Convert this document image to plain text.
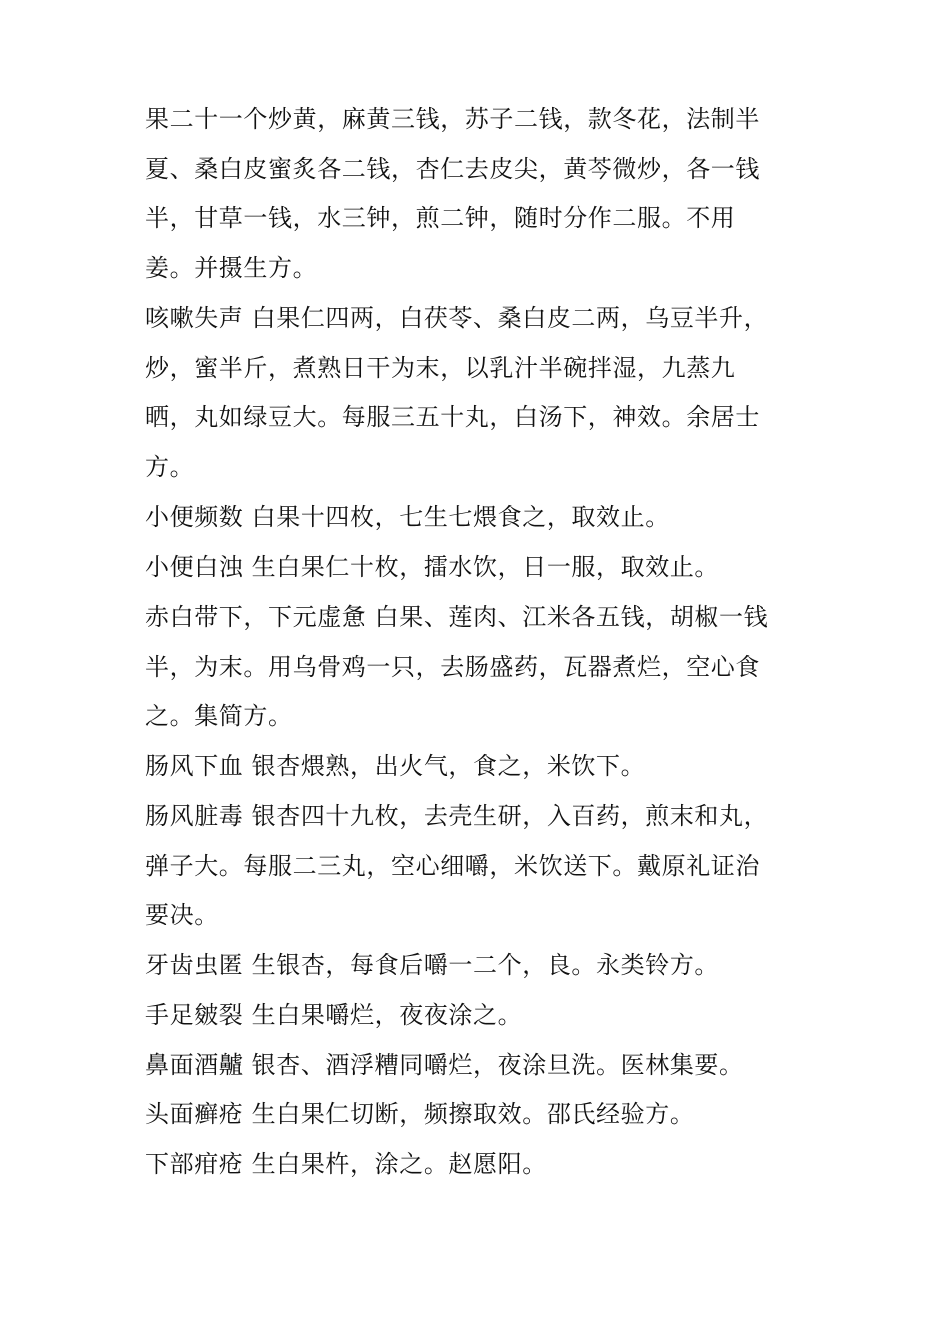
果二十一个炒黄，麻黄三钱，苏子二钱，款冬花，法制半
夏、桑白皮蜜炙各二钱，杏仁去皮尖，黄芩微炒，各一钱
半，甘草一钱，水三钟，煎二钟，随时分作二服。不用
姜。并摄生方。
咳嗽失声 白果仁四两，白茯苓、桑白皮二两，乌豆半升，
炒，蜜半斤，煮熟日干为末，以乳汁半碗拌湿，九蒸九
晒，丸如绿豆大。每服三五十丸，白汤下，神效。余居士
方。
小便频数 白果十四枚，七生七煨食之，取效止。
小便白浊 生白果仁十枚，擂水饮，日一服，取效止。
赤白带下，下元虚惫 白果、莲肉、江米各五钱，胡椒一钱
半，为末。用乌骨鸡一只，去肠盛药，瓦器煮烂，空心食
之。集简方。
肠风下血 银杏煨熟，出火气，食之，米饮下。
肠风脏毒 银杏四十九枚，去壳生研，入百药，煎末和丸，
弹子大。每服二三丸，空心细嚼，米饮送下。戴原礼证治
要决。
牙齿虫匿 生银杏，每食后嚼一二个，良。永类铃方。
手足皴裂 生白果嚼烂，夜夜涂之。
鼻面酒齇 银杏、酒浮糟同嚼烂，夜涂旦洗。医林集要。
头面癣疮 生白果仁切断，频擦取效。邵氏经验方。
下部疳疮 生白果杵，涂之。赵愿阳。
